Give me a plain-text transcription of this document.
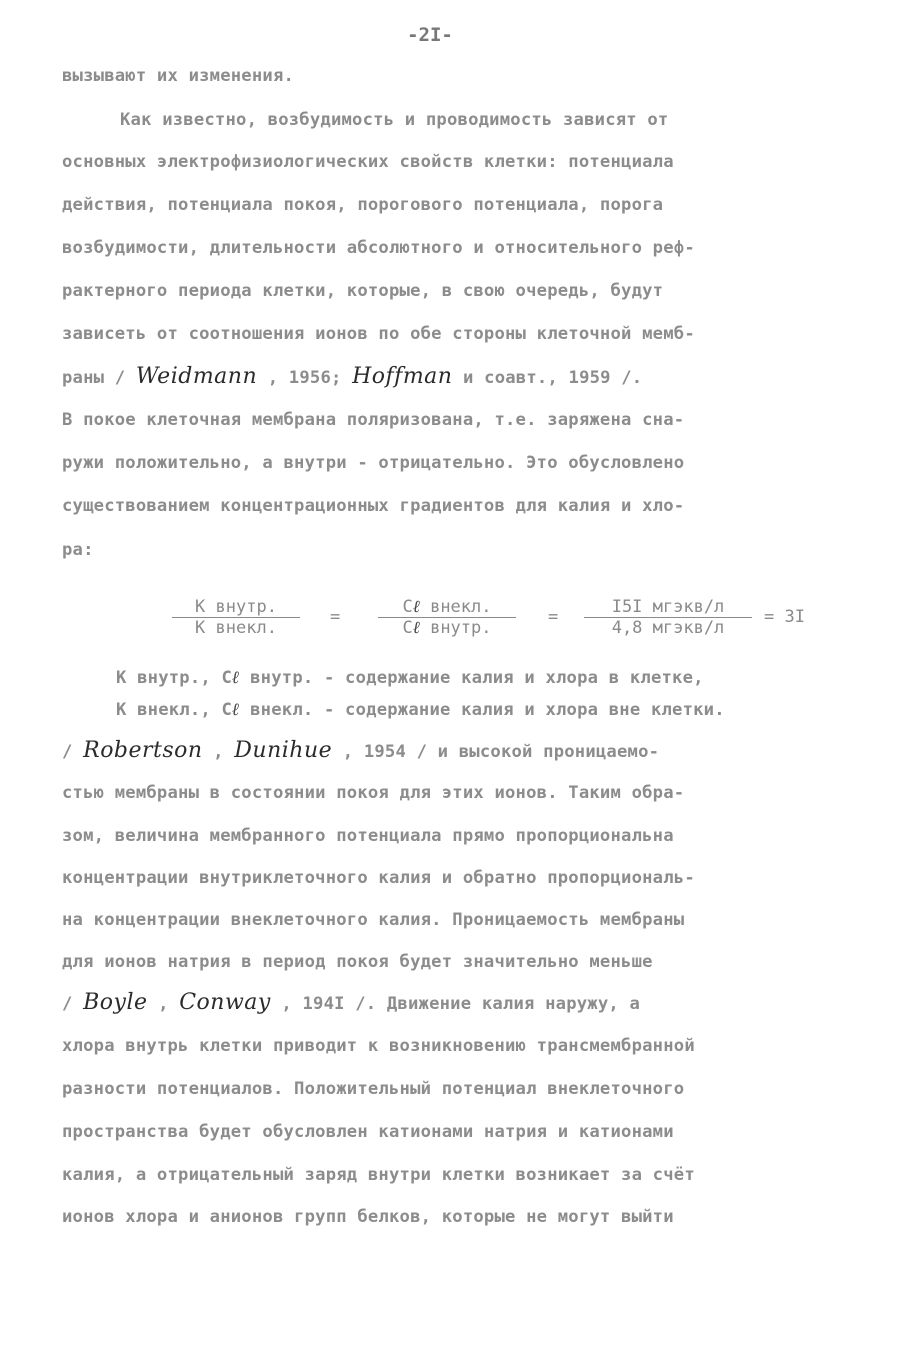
-2I-
вызывают их изменения.
Как известно, возбудимость и проводимость зависят от
основных электрофизиологических свойств клетки: потенциала
действия, потенциала покоя, порогового потенциала, порога
возбудимости, длительности абсолютного и относительного реф-
рактерного периода клетки, которые, в свою очередь, будут
зависеть от соотношения ионов по обе стороны клеточной мемб-
раны / Weidmann , 1956; Hoffman и соавт., 1959 /.
В покое клеточная мембрана поляризована, т.е. заряжена сна-
ружи положительно, а внутри - отрицательно. Это обусловлено
существованием концентрационных градиентов для калия и хло-
ра:
К внутр.
К внекл.
=	Сℓ внекл.
Сℓ внутр.
=	I5I мгэкв/л
4,8 мгэкв/л
= 3I
К внутр., Сℓ внутр. - содержание калия и хлора в клетке,
К внекл., Сℓ внекл. - содержание калия и хлора вне клетки.
/ Robertson , Dunihue , 1954 / и высокой проницаемо-
стью мембраны в состоянии покоя для этих ионов. Таким обра-
зом, величина мембранного потенциала прямо пропорциональна
концентрации внутриклеточного калия и обратно пропорциональ-
на концентрации внеклеточного калия. Проницаемость мембраны
для ионов натрия в период покоя будет значительно меньше
/ Boyle , Conway , 194I /. Движение калия наружу, а
хлора внутрь клетки приводит к возникновению трансмембранной
разности потенциалов. Положительный потенциал внеклеточного
пространства будет обусловлен катионами натрия и катионами
калия, а отрицательный заряд внутри клетки возникает за счёт
ионов хлора и анионов групп белков, которые не могут выйти
